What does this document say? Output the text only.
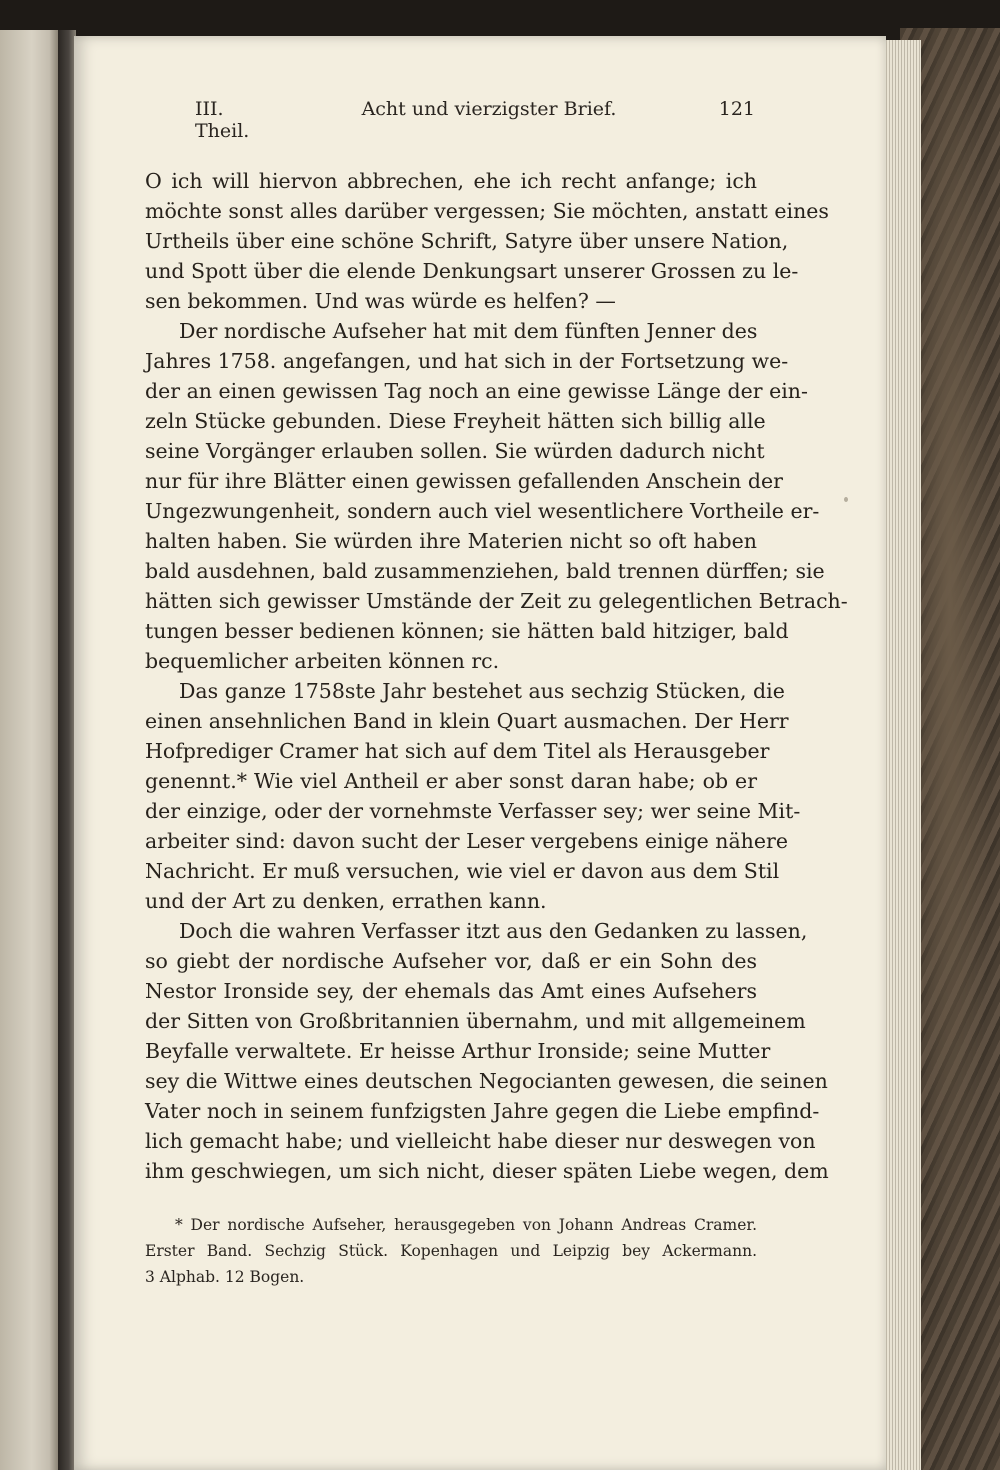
III. Theil.
Acht und vierzigster Brief.	121
O ich will hiervon abbrechen, ehe ich recht anfange; ich
möchte sonst alles darüber vergessen; Sie möchten, anstatt eines
Urtheils über eine schöne Schrift, Satyre über unsere Nation,
und Spott über die elende Denkungsart unserer Grossen zu le-
sen bekommen. Und was würde es helfen? —
Der nordische Aufseher hat mit dem fünften Jenner des
Jahres 1758. angefangen, und hat sich in der Fortsetzung we-
der an einen gewissen Tag noch an eine gewisse Länge der ein-
zeln Stücke gebunden. Diese Freyheit hätten sich billig alle
seine Vorgänger erlauben sollen. Sie würden dadurch nicht
nur für ihre Blätter einen gewissen gefallenden Anschein der
Ungezwungenheit, sondern auch viel wesentlichere Vortheile er-
halten haben. Sie würden ihre Materien nicht so oft haben
bald ausdehnen, bald zusammenziehen, bald trennen dürffen; sie
hätten sich gewisser Umstände der Zeit zu gelegentlichen Betrach-
tungen besser bedienen können; sie hätten bald hitziger, bald
bequemlicher arbeiten können rc.
Das ganze 1758ste Jahr bestehet aus sechzig Stücken, die
einen ansehnlichen Band in klein Quart ausmachen. Der Herr
Hofprediger Cramer hat sich auf dem Titel als Herausgeber
genennt.* Wie viel Antheil er aber sonst daran habe; ob er
der einzige, oder der vornehmste Verfasser sey; wer seine Mit-
arbeiter sind: davon sucht der Leser vergebens einige nähere
Nachricht. Er muß versuchen, wie viel er davon aus dem Stil
und der Art zu denken, errathen kann.
Doch die wahren Verfasser itzt aus den Gedanken zu lassen,
so giebt der nordische Aufseher vor, daß er ein Sohn des
Nestor Ironside sey, der ehemals das Amt eines Aufsehers
der Sitten von Großbritannien übernahm, und mit allgemeinem
Beyfalle verwaltete. Er heisse Arthur Ironside; seine Mutter
sey die Wittwe eines deutschen Negocianten gewesen, die seinen
Vater noch in seinem funfzigsten Jahre gegen die Liebe empfind-
lich gemacht habe; und vielleicht habe dieser nur deswegen von
ihm geschwiegen, um sich nicht, dieser späten Liebe wegen, dem
* Der nordische Aufseher, herausgegeben von Johann Andreas Cramer.
Erster Band. Sechzig Stück. Kopenhagen und Leipzig bey Ackermann.
3 Alphab. 12 Bogen.
